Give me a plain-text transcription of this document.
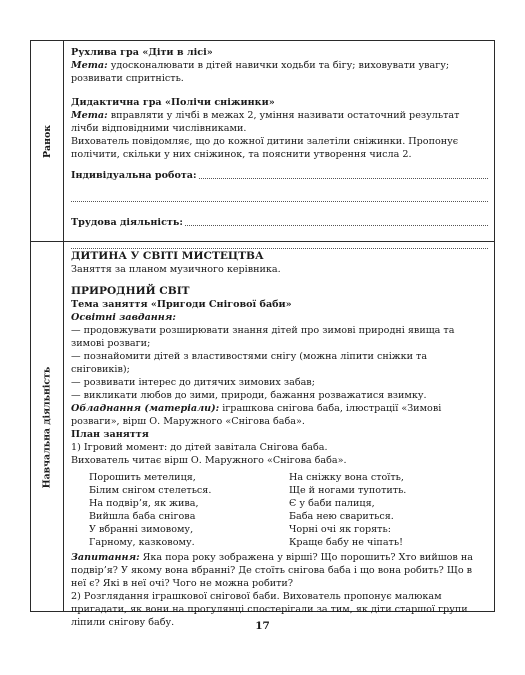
Ранок
Навчальна діяльність

Рухлива гра «Діти в лісі»

Мета: удосконалювати в дітей навички ходьби та бігу; виховувати увагу; розвивати спритність.

Дидактична гра «Полічи сніжинки»

Мета: вправляти у лічбі в межах 2, уміння називати остаточний результат лічби відповідними числівниками.

Вихователь повідомляє, що до кожної дитини залетіли сніжинки. Пропонує полічити, скільки у них сніжинок, та пояснити утворення числа 2.

Індивідуальна робота:
Трудова діяльність:

ДИТИНА У СВІТІ МИСТЕЦТВА

Заняття за планом музичного керівника.

ПРИРОДНИЙ СВІТ

Тема заняття «Пригоди Снігової баби»

Освітні завдання:

— продовжувати розширювати знання дітей про зимові природні явища та зимові розваги;

— познайомити дітей з властивостями снігу (можна ліпити сніжки та сніговиків);

— розвивати інтерес до дитячих зимових забав;

— викликати любов до зими, природи, бажання розважатися взимку.

Обладнання (матеріали): іграшкова снігова баба, ілюстрації «Зимові розваги», вірш О. Маружного «Снігова баба».

План заняття

1) Ігровий момент: до дітей завітала Снігова баба.

Вихователь читає вірш О. Маружного «Снігова баба».

Порошить метелиця,	На сніжку вона стоїть,
Білим снігом стелеться.	Ще й ногами тупотить.
На подвір’я, як жива,	Є у баби палиця,
Вийшла баба снігова	Баба нею свариться.
У вбранні зимовому,	Чорні очі як горять:
Гарному, казковому.	Краще бабу не чіпать!

Запитання: Яка пора року зображена у вірші? Що порошить? Хто вийшов на подвір’я? У якому вона вбранні? Де стоїть снігова баба і що вона робить? Що в неї є? Які в неї очі? Чого не можна робити?

2) Розглядання іграшкової снігової баби. Вихователь пропонує малюкам пригадати, як вони на прогулянці спостерігали за тим, як діти старшої групи ліпили снігову бабу.	17
